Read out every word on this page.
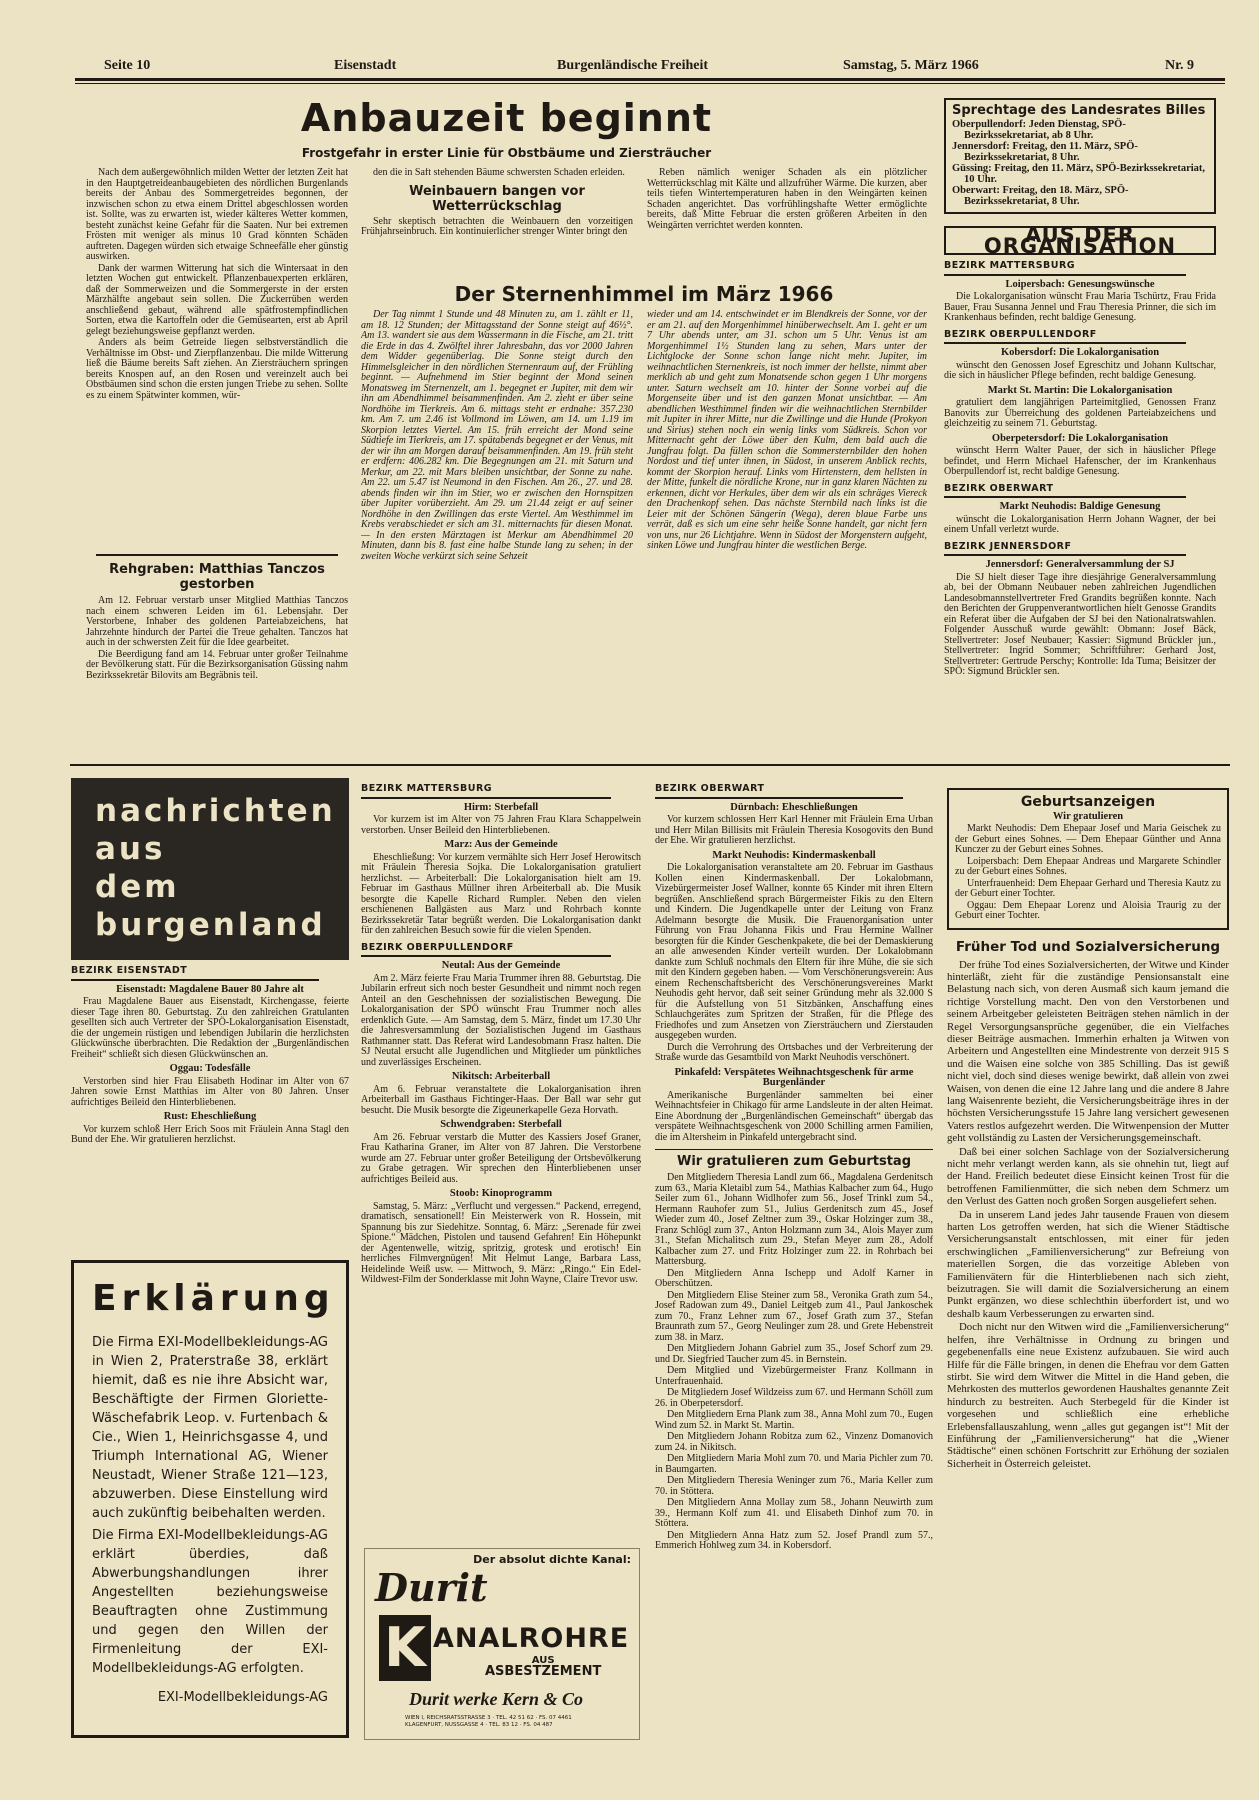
Seite 10	Eisenstadt	Burgenländische Freiheit	Samstag, 5. März 1966	Nr. 9
Anbauzeit beginnt
Frostgefahr in erster Linie für Obstbäume und Ziersträucher

Nach dem außergewöhnlich milden Wetter der letzten Zeit hat in den Hauptgetreideanbaugebieten des nördlichen Burgenlands bereits der Anbau des Sommergetreides begonnen, der inzwischen schon zu etwa einem Drittel abgeschlossen worden ist. Sollte, was zu erwarten ist, wieder kälteres Wetter kommen, besteht zunächst keine Gefahr für die Saaten. Nur bei extremen Frösten mit weniger als minus 10 Grad könnten Schäden auftreten. Dagegen würden sich etwaige Schneefälle eher günstig auswirken.

Dank der warmen Witterung hat sich die Wintersaat in den letzten Wochen gut entwickelt. Pflanzenbauexperten erklären, daß der Sommerweizen und die Sommergerste in der ersten Märzhälfte angebaut sein sollen. Die Zuckerrüben werden anschließend gebaut, während alle spätfrostempfindlichen Sorten, etwa die Kartoffeln oder die Gemüsearten, erst ab April gelegt beziehungsweise gepflanzt werden.

Anders als beim Getreide liegen selbstverständlich die Verhältnisse im Obst- und Zierpflanzenbau. Die milde Witterung ließ die Bäume bereits Saft ziehen. An Ziersträuchern springen bereits Knospen auf, an den Rosen und vereinzelt auch bei Obstbäumen sind schon die ersten jungen Triebe zu sehen. Sollte es zu einem Spätwinter kommen, wür-

Rehgraben: Matthias Tanczos gestorben

Am 12. Februar verstarb unser Mitglied Matthias Tanczos nach einem schweren Leiden im 61. Lebensjahr. Der Verstorbene, Inhaber des goldenen Parteiabzeichens, hat Jahrzehnte hindurch der Partei die Treue gehalten. Tanczos hat auch in der schwersten Zeit für die Idee gearbeitet.

Die Beerdigung fand am 14. Februar unter großer Teilnahme der Bevölkerung statt. Für die Bezirksorganisation Güssing nahm Bezirkssekretär Bilovits am Begräbnis teil.

den die in Saft stehenden Bäume schwersten Schaden erleiden.

Weinbauern bangen vor Wetterrückschlag

Sehr skeptisch betrachten die Weinbauern den vorzeitigen Frühjahrseinbruch. Ein kontinuierlicher strenger Winter bringt den

Reben nämlich weniger Schaden als ein plötzlicher Wetterrückschlag mit Kälte und allzufrüher Wärme. Die kurzen, aber teils tiefen Wintertemperaturen haben in den Weingärten keinen Schaden angerichtet. Das vorfrühlingshafte Wetter ermöglichte bereits, daß Mitte Februar die ersten größeren Arbeiten in den Weingärten verrichtet werden konnten.

Der Sternenhimmel im März 1966

Der Tag nimmt 1 Stunde und 48 Minuten zu, am 1. zählt er 11, am 18. 12 Stunden; der Mittagsstand der Sonne steigt auf 46½°. Am 13. wandert sie aus dem Wassermann in die Fische, am 21. tritt die Erde in das 4. Zwölftel ihrer Jahresbahn, das vor 2000 Jahren dem Widder gegenüberlag. Die Sonne steigt durch den Himmelsgleicher in den nördlichen Sternenraum auf, der Frühling beginnt. — Aufnehmend im Stier beginnt der Mond seinen Monatsweg im Sternenzelt, am 1. begegnet er Jupiter, mit dem wir ihn am Abendhimmel beisammenfinden. Am 2. zieht er über seine Nordhöhe im Tierkreis. Am 6. mittags steht er erdnahe: 357.230 km. Am 7. um 2.46 ist Vollmond im Löwen, am 14. um 1.19 im Skorpion letztes Viertel. Am 15. früh erreicht der Mond seine Südtiefe im Tierkreis, am 17. spätabends begegnet er der Venus, mit der wir ihn am Morgen darauf beisammenfinden. Am 19. früh steht er erdfern: 406.282 km. Die Begegnungen am 21. mit Saturn und Merkur, am 22. mit Mars bleiben unsichtbar, der Sonne zu nahe. Am 22. um 5.47 ist Neumond in den Fischen. Am 26., 27. und 28. abends finden wir ihn im Stier, wo er zwischen den Hornspitzen über Jupiter vorüberzieht. Am 29. um 21.44 zeigt er auf seiner Nordhöhe in den Zwillingen das erste Viertel. Am Westhimmel im Krebs verabschiedet er sich am 31. mitternachts für diesen Monat. — In den ersten Märztagen ist Merkur am Abendhimmel 20 Minuten, dann bis 8. fast eine halbe Stunde lang zu sehen; in der zweiten Woche verkürzt sich seine Sehzeit

wieder und am 14. entschwindet er im Blendkreis der Sonne, vor der er am 21. auf den Morgenhimmel hinüberwechselt. Am 1. geht er um 7 Uhr abends unter, am 31. schon um 5 Uhr. Venus ist am Morgenhimmel 1½ Stunden lang zu sehen, Mars unter der Lichtglocke der Sonne schon lange nicht mehr. Jupiter, im weihnachtlichen Sternenkreis, ist noch immer der hellste, nimmt aber merklich ab und geht zum Monatsende schon gegen 1 Uhr morgens unter. Saturn wechselt am 10. hinter der Sonne vorbei auf die Morgenseite über und ist den ganzen Monat unsichtbar. — Am abendlichen Westhimmel finden wir die weihnachtlichen Sternbilder mit Jupiter in ihrer Mitte, nur die Zwillinge und die Hunde (Prokyon und Sirius) stehen noch ein wenig links vom Südkreis. Schon vor Mitternacht geht der Löwe über den Kulm, dem bald auch die Jungfrau folgt. Da füllen schon die Sommersternbilder den hohen Nordost und tief unter ihnen, in Südost, in unserem Anblick rechts, kommt der Skorpion herauf. Links vom Hirtenstern, dem hellsten in der Mitte, funkelt die nördliche Krone, nur in ganz klaren Nächten zu erkennen, dicht vor Herkules, über dem wir als ein schräges Viereck den Drachenkopf sehen. Das nächste Sternbild nach links ist die Leier mit der Schönen Sängerin (Wega), deren blaue Farbe uns verrät, daß es sich um eine sehr heiße Sonne handelt, gar nicht fern von uns, nur 26 Lichtjahre. Wenn in Südost der Morgenstern aufgeht, sinken Löwe und Jungfrau hinter die westlichen Berge.

Sprechtage des Landesrates Billes
Oberpullendorf: Jeden Dienstag, SPÖ-Bezirkssekretariat, ab 8 Uhr.
Jennersdorf: Freitag, den 11. März, SPÖ-Bezirkssekretariat, 8 Uhr.
Güssing: Freitag, den 11. März, SPÖ-Bezirkssekretariat, 10 Uhr.
Oberwart: Freitag, den 18. März, SPÖ-Bezirkssekretariat, 8 Uhr.
AUS DER ORGANISATION
BEZIRK MATTERSBURG
Loipersbach: Genesungswünsche

Die Lokalorganisation wünscht Frau Maria Tschürtz, Frau Frida Bauer, Frau Susanna Jennel und Frau Theresia Prinner, die sich im Krankenhaus befinden, recht baldige Genesung.

BEZIRK OBERPULLENDORF
Kobersdorf: Die Lokalorganisation

wünscht den Genossen Josef Egreschitz und Johann Kultschar, die sich in häuslicher Pflege befinden, recht baldige Genesung.

Markt St. Martin: Die Lokalorganisation

gratuliert dem langjährigen Parteimitglied, Genossen Franz Banovits zur Überreichung des goldenen Parteiabzeichens und gleichzeitig zu seinem 71. Geburtstag.

Oberpetersdorf: Die Lokalorganisation

wünscht Herrn Walter Pauer, der sich in häuslicher Pflege befindet, und Herrn Michael Hafenscher, der im Krankenhaus Oberpullendorf ist, recht baldige Genesung.

BEZIRK OBERWART
Markt Neuhodis: Baldige Genesung

wünscht die Lokalorganisation Herrn Johann Wagner, der bei einem Unfall verletzt wurde.

BEZIRK JENNERSDORF
Jennersdorf: Generalversammlung der SJ

Die SJ hielt dieser Tage ihre diesjährige Generalversammlung ab, bei der Obmann Neubauer neben zahlreichen Jugendlichen Landesobmannstellvertreter Fred Grandits begrüßen konnte. Nach den Berichten der Gruppenverantwortlichen hielt Genosse Grandits ein Referat über die Aufgaben der SJ bei den Nationalratswahlen. Folgender Ausschuß wurde gewählt: Obmann: Josef Bäck, Stellvertreter: Josef Neubauer; Kassier: Sigmund Brückler jun., Stellvertreter: Ingrid Sommer; Schriftführer: Gerhard Jost, Stellvertreter: Gertrude Perschy; Kontrolle: Ida Tuma; Beisitzer der SPÖ: Sigmund Brückler sen.

nachrichten
aus
dem
burgenland
BEZIRK EISENSTADT
Eisenstadt: Magdalene Bauer 80 Jahre alt

Frau Magdalene Bauer aus Eisenstadt, Kirchengasse, feierte dieser Tage ihren 80. Geburtstag. Zu den zahlreichen Gratulanten gesellten sich auch Vertreter der SPÖ-Lokalorganisation Eisenstadt, die der ungemein rüstigen und lebendigen Jubilarin die herzlichsten Glückwünsche überbrachten. Die Redaktion der „Burgenländischen Freiheit“ schließt sich diesen Glückwünschen an.

Oggau: Todesfälle

Verstorben sind hier Frau Elisabeth Hodinar im Alter von 67 Jahren sowie Ernst Matthias im Alter von 80 Jahren. Unser aufrichtiges Beileid den Hinterbliebenen.

Rust: Eheschließung

Vor kurzem schloß Herr Erich Soos mit Fräulein Anna Stagl den Bund der Ehe. Wir gratulieren herzlichst.

Erklärung

Die Firma EXI-Modellbekleidungs-AG in Wien 2, Praterstraße 38, erklärt hiemit, daß es nie ihre Absicht war, Beschäftigte der Firmen Gloriette-Wäschefabrik Leop. v. Furtenbach & Cie., Wien 1, Heinrichsgasse 4, und Triumph International AG, Wiener Neustadt, Wiener Straße 121—123, abzuwerben. Diese Einstellung wird auch zukünftig beibehalten werden.

Die Firma EXI-Modellbekleidungs-AG erklärt überdies, daß Abwerbungshandlungen ihrer Angestellten beziehungsweise Beauftragten ohne Zustimmung und gegen den Willen der Firmenleitung der EXI-Modellbekleidungs-AG erfolgten.

EXI-Modellbekleidungs-AG
BEZIRK MATTERSBURG
Hirm: Sterbefall

Vor kurzem ist im Alter von 75 Jahren Frau Klara Schappelwein verstorben. Unser Beileid den Hinterbliebenen.

Marz: Aus der Gemeinde

Eheschließung: Vor kurzem vermählte sich Herr Josef Herowitsch mit Fräulein Theresia Sojka. Die Lokalorganisation gratuliert herzlichst. — Arbeiterball: Die Lokalorganisation hielt am 19. Februar im Gasthaus Müllner ihren Arbeiterball ab. Die Musik besorgte die Kapelle Richard Rumpler. Neben den vielen erschienenen Ballgästen aus Marz und Rohrbach konnte Bezirkssekretär Tatar begrüßt werden. Die Lokalorganisation dankt für den zahlreichen Besuch sowie für die vielen Spenden.

BEZIRK OBERPULLENDORF
Neutal: Aus der Gemeinde

Am 2. März feierte Frau Maria Trummer ihren 88. Geburtstag. Die Jubilarin erfreut sich noch bester Gesundheit und nimmt noch regen Anteil an den Geschehnissen der sozialistischen Bewegung. Die Lokalorganisation der SPÖ wünscht Frau Trummer noch alles erdenklich Gute. — Am Samstag, dem 5. März, findet um 17.30 Uhr die Jahresversammlung der Sozialistischen Jugend im Gasthaus Rathmanner statt. Das Referat wird Landesobmann Frasz halten. Die SJ Neutal ersucht alle Jugendlichen und Mitglieder um pünktliches und zuverlässiges Erscheinen.

Nikitsch: Arbeiterball

Am 6. Februar veranstaltete die Lokalorganisation ihren Arbeiterball im Gasthaus Fichtinger-Haas. Der Ball war sehr gut besucht. Die Musik besorgte die Zigeunerkapelle Geza Horvath.

Schwendgraben: Sterbefall

Am 26. Februar verstarb die Mutter des Kassiers Josef Graner, Frau Katharina Graner, im Alter von 87 Jahren. Die Verstorbene wurde am 27. Februar unter großer Beteiligung der Ortsbevölkerung zu Grabe getragen. Wir sprechen den Hinterbliebenen unser aufrichtiges Beileid aus.

Stoob: Kinoprogramm

Samstag, 5. März: „Verflucht und vergessen.“ Packend, erregend, dramatisch, sensationell! Ein Meisterwerk von R. Hossein, mit Spannung bis zur Siedehitze. Sonntag, 6. März: „Serenade für zwei Spione.“ Mädchen, Pistolen und tausend Gefahren! Ein Höhepunkt der Agentenwelle, witzig, spritzig, grotesk und erotisch! Ein herrliches Filmvergnügen! Mit Helmut Lange, Barbara Lass, Heidelinde Weiß usw. — Mittwoch, 9. März: „Ringo.“ Ein Edel-Wildwest-Film der Sonderklasse mit John Wayne, Claire Trevor usw.

Der absolut dichte Kanal:
Durit
K ANALROHRE
AUS
ASBESTZEMENT
Durit werke Kern & Co
WIEN I, REICHSRATSSTRASSE 3 · TEL. 42 51 62 · FS. 07 4461
KLAGENFURT, NUSSGASSE 4 · TEL. 83 12 · FS. 04 487
BEZIRK OBERWART
Dürnbach: Eheschließungen

Vor kurzem schlossen Herr Karl Henner mit Fräulein Erna Urban und Herr Milan Billisits mit Fräulein Theresia Kosogovits den Bund der Ehe. Wir gratulieren herzlichst.

Markt Neuhodis: Kindermaskenball

Die Lokalorganisation veranstaltete am 20. Februar im Gasthaus Kollen einen Kindermaskenball. Der Lokalobmann, Vizebürgermeister Josef Wallner, konnte 65 Kinder mit ihren Eltern begrüßen. Anschließend sprach Bürgermeister Fikis zu den Eltern und Kindern. Die Jugendkapelle unter der Leitung von Franz Adelmann besorgte die Musik. Die Frauenorganisation unter Führung von Frau Johanna Fikis und Frau Hermine Wallner besorgten für die Kinder Geschenkpakete, die bei der Demaskierung an alle anwesenden Kinder verteilt wurden. Der Lokalobmann dankte zum Schluß nochmals den Eltern für ihre Mühe, die sie sich mit den Kindern gegeben haben. — Vom Verschönerungsverein: Aus einem Rechenschaftsbericht des Verschönerungsvereines Markt Neuhodis geht hervor, daß seit seiner Gründung mehr als 32.000 S für die Aufstellung von 51 Sitzbänken, Anschaffung eines Schlauchgerätes zum Spritzen der Straßen, für die Pflege des Friedhofes und zum Ansetzen von Ziersträuchern und Zierstauden ausgegeben wurden.

Durch die Verrohrung des Ortsbaches und der Verbreiterung der Straße wurde das Gesamtbild von Markt Neuhodis verschönert.

Pinkafeld: Verspätetes Weihnachtsgeschenk für arme Burgenländer

Amerikanische Burgenländer sammelten bei einer Weihnachtsfeier in Chikago für arme Landsleute in der alten Heimat. Eine Abordnung der „Burgenländischen Gemeinschaft“ übergab das verspätete Weihnachtsgeschenk von 2000 Schilling armen Familien, die im Altersheim in Pinkafeld untergebracht sind.

Wir gratulieren zum Geburtstag

Den Mitgliedern Theresia Landl zum 66., Magdalena Gerdenitsch zum 63., Maria Kletaibl zum 54., Mathias Kalbacher zum 64., Hugo Seiler zum 61., Johann Widlhofer zum 56., Josef Trinkl zum 54., Hermann Rauhofer zum 51., Julius Gerdenitsch zum 45., Josef Wieder zum 40., Josef Zeltner zum 39., Oskar Holzinger zum 38., Franz Schlögl zum 37., Anton Holzmann zum 34., Alois Mayer zum 31., Stefan Michalitsch zum 29., Stefan Meyer zum 28., Adolf Kalbacher zum 27. und Fritz Holzinger zum 22. in Rohrbach bei Mattersburg.

Den Mitgliedern Anna Ischepp und Adolf Karner in Oberschützen.

Den Mitgliedern Elise Steiner zum 58., Veronika Grath zum 54., Josef Radowan zum 49., Daniel Leitgeb zum 41., Paul Jankoschek zum 70., Franz Lehner zum 67., Josef Grath zum 37., Stefan Braunrath zum 57., Georg Neulinger zum 28. und Grete Hebenstreit zum 38. in Marz.

Den Mitgliedern Johann Gabriel zum 35., Josef Schorf zum 29. und Dr. Siegfried Taucher zum 45. in Bernstein.

Dem Mitglied und Vizebürgermeister Franz Kollmann in Unterfrauenhaid.

De Mitgliedern Josef Wildzeiss zum 67. und Hermann Schöll zum 26. in Oberpetersdorf.

Den Mitgliedern Erna Plank zum 38., Anna Mohl zum 70., Eugen Wind zum 52. in Markt St. Martin.

Den Mitgliedern Johann Robitza zum 62., Vinzenz Domanovich zum 24. in Nikitsch.

Den Mitgliedern Maria Mohl zum 70. und Maria Pichler zum 70. in Baumgarten.

Den Mitgliedern Theresia Weninger zum 76., Maria Keller zum 70. in Stöttera.

Den Mitgliedern Anna Mollay zum 58., Johann Neuwirth zum 39., Hermann Kolf zum 41. und Elisabeth Dinhof zum 70. in Stöttera.

Den Mitgliedern Anna Hatz zum 52. Josef Prandl zum 57., Emmerich Hohlweg zum 34. in Kobersdorf.

Geburtsanzeigen
Wir gratulieren

Markt Neuhodis: Dem Ehepaar Josef und Maria Geischek zu der Geburt eines Sohnes. — Dem Ehepaar Günther und Anna Kunczer zu der Geburt eines Sohnes.

Loipersbach: Dem Ehepaar Andreas und Margarete Schindler zu der Geburt eines Sohnes.

Unterfrauenheid: Dem Ehepaar Gerhard und Theresia Kautz zu der Geburt einer Tochter.

Oggau: Dem Ehepaar Lorenz und Aloisia Traurig zu der Geburt einer Tochter.

Früher Tod und Sozialversicherung

Der frühe Tod eines Sozialversicherten, der Witwe und Kinder hinterläßt, zieht für die zuständige Pensionsanstalt eine Belastung nach sich, von deren Ausmaß sich kaum jemand die richtige Vorstellung macht. Den von den Verstorbenen und seinem Arbeitgeber geleisteten Beiträgen stehen nämlich in der Regel Versorgungsansprüche gegenüber, die ein Vielfaches dieser Beiträge ausmachen. Immerhin erhalten ja Witwen von Arbeitern und Angestellten eine Mindestrente von derzeit 915 S und die Waisen eine solche von 385 Schilling. Das ist gewiß nicht viel, doch sind dieses wenige bewirkt, daß allein von zwei Waisen, von denen die eine 12 Jahre lang und die andere 8 Jahre lang Waisenrente bezieht, die Versicherungsbeiträge ihres in der höchsten Versicherungsstufe 15 Jahre lang versichert gewesenen Vaters restlos aufgezehrt werden. Die Witwenpension der Mutter geht vollständig zu Lasten der Versicherungsgemeinschaft.

Daß bei einer solchen Sachlage von der Sozialversicherung nicht mehr verlangt werden kann, als sie ohnehin tut, liegt auf der Hand. Freilich bedeutet diese Einsicht keinen Trost für die betroffenen Familienmütter, die sich neben dem Schmerz um den Verlust des Gatten noch großen Sorgen ausgeliefert sehen.

Da in unserem Land jedes Jahr tausende Frauen von diesem harten Los getroffen werden, hat sich die Wiener Städtische Versicherungsanstalt entschlossen, mit einer für jeden erschwinglichen „Familienversicherung“ zur Befreiung von materiellen Sorgen, die das vorzeitige Ableben von Familienvätern für die Hinterbliebenen nach sich zieht, beizutragen. Sie will damit die Sozialversicherung an einem Punkt ergänzen, wo diese schlechthin überfordert ist, und wo deshalb kaum Verbesserungen zu erwarten sind.

Doch nicht nur den Witwen wird die „Familienversicherung“ helfen, ihre Verhältnisse in Ordnung zu bringen und gegebenenfalls eine neue Existenz aufzubauen. Sie wird auch Hilfe für die Fälle bringen, in denen die Ehefrau vor dem Gatten stirbt. Sie wird dem Witwer die Mittel in die Hand geben, die Mehrkosten des mutterlos gewordenen Haushaltes genannte Zeit hindurch zu bestreiten. Auch Sterbegeld für die Kinder ist vorgesehen und schließlich eine erhebliche Erlebensfallauszahlung, wenn „alles gut gegangen ist“! Mit der Einführung der „Familienversicherung“ hat die „Wiener Städtische“ einen schönen Fortschritt zur Erhöhung der sozialen Sicherheit in Österreich geleistet.
